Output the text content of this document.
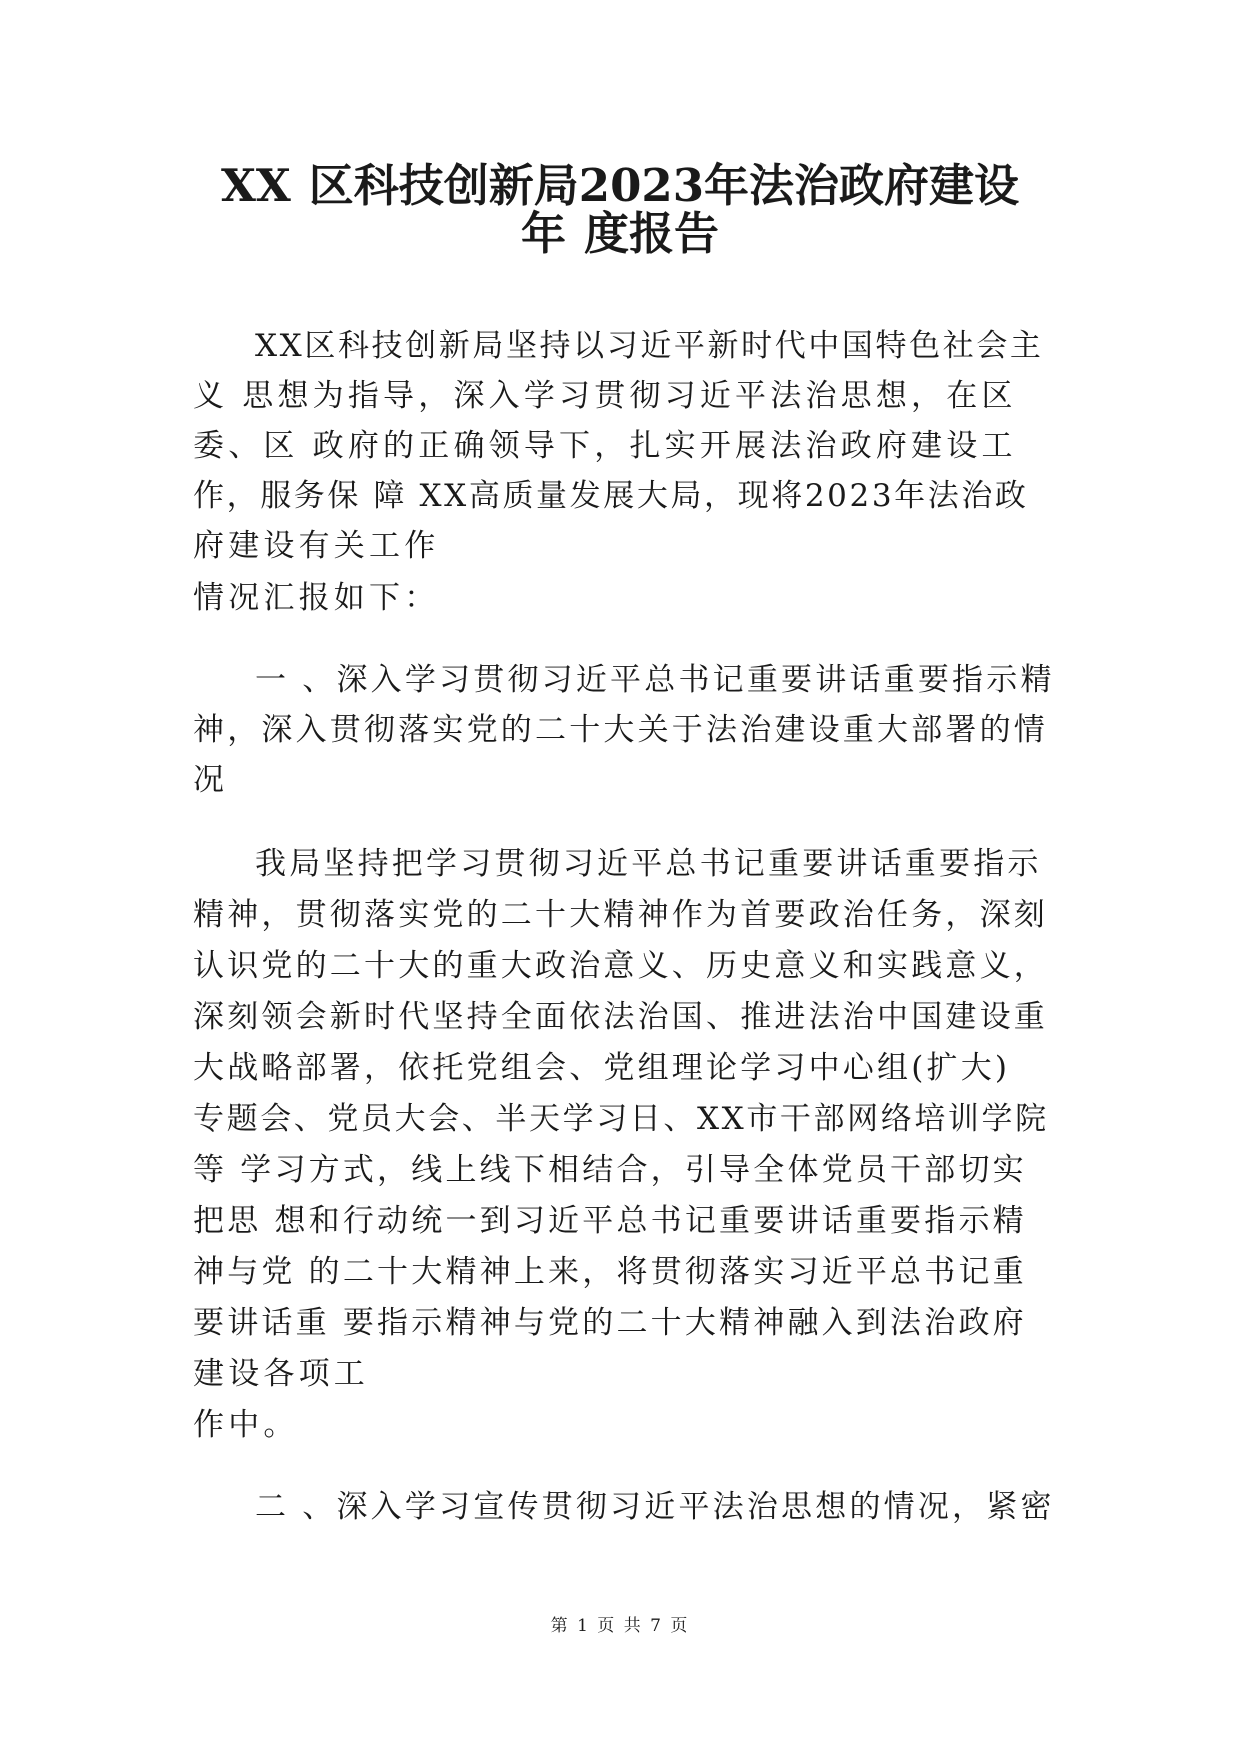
XX 区科技创新局2023年法治政府建设
年 度报告

XX区科技创新局坚持以习近平新时代中国特色社会主

义 思想为指导，深入学习贯彻习近平法治思想，在区

委、区 政府的正确领导下，扎实开展法治政府建设工

作，服务保 障 XX高质量发展大局，现将2023年法治政

府建设有关工作

情况汇报如下：

一 、深入学习贯彻习近平总书记重要讲话重要指示精

神，深入贯彻落实党的二十大关于法治建设重大部署的情

况

我局坚持把学习贯彻习近平总书记重要讲话重要指示

精神，贯彻落实党的二十大精神作为首要政治任务，深刻

认识党的二十大的重大政治意义、历史意义和实践意义，

深刻领会新时代坚持全面依法治国、推进法治中国建设重

大战略部署，依托党组会、党组理论学习中心组(扩大)

专题会、党员大会、半天学习日、XX市干部网络培训学院

等 学习方式，线上线下相结合，引导全体党员干部切实

把思 想和行动统一到习近平总书记重要讲话重要指示精

神与党 的二十大精神上来，将贯彻落实习近平总书记重

要讲话重 要指示精神与党的二十大精神融入到法治政府

建设各项工

作中。

二 、深入学习宣传贯彻习近平法治思想的情况，紧密

第 1 页 共 7 页
